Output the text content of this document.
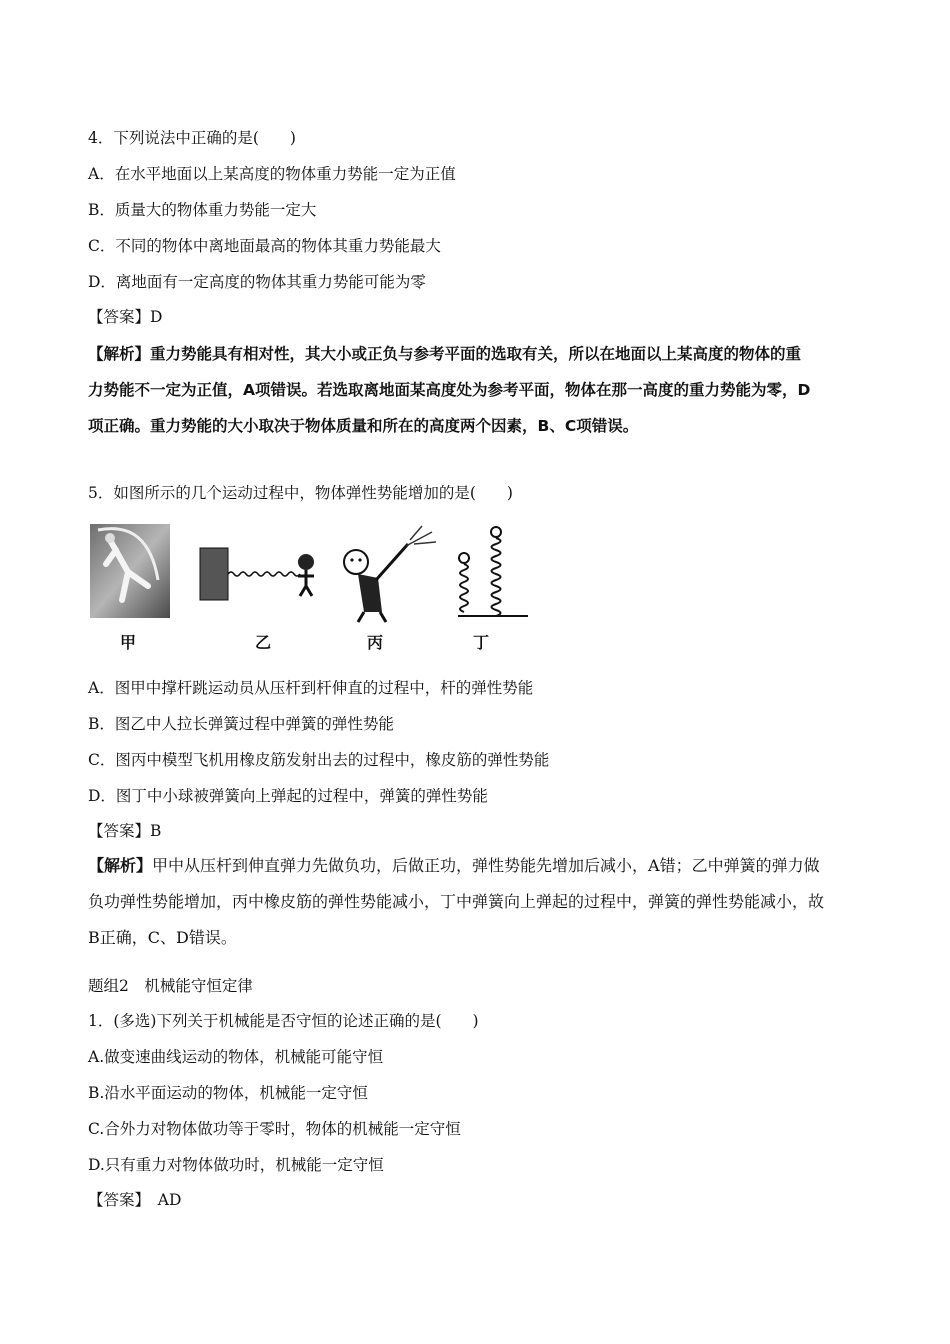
4．下列说法中正确的是(　　)
A．在水平地面以上某高度的物体重力势能一定为正值
B．质量大的物体重力势能一定大
C．不同的物体中离地面最高的物体其重力势能最大
D．离地面有一定高度的物体其重力势能可能为零
【答案】D
【解析】重力势能具有相对性，其大小或正负与参考平面的选取有关，所以在地面以上某高度的物体的重
力势能不一定为正值，A项错误。若选取离地面某高度处为参考平面，物体在那一高度的重力势能为零，D
项正确。重力势能的大小取决于物体质量和所在的高度两个因素，B、C项错误。
5．如图所示的几个运动过程中，物体弹性势能增加的是(　　)
甲	乙	丙	丁
A．图甲中撑杆跳运动员从压杆到杆伸直的过程中，杆的弹性势能
B．图乙中人拉长弹簧过程中弹簧的弹性势能
C．图丙中模型飞机用橡皮筋发射出去的过程中，橡皮筋的弹性势能
D．图丁中小球被弹簧向上弹起的过程中，弹簧的弹性势能
【答案】B
【解析】甲中从压杆到伸直弹力先做负功，后做正功，弹性势能先增加后减小，A错；乙中弹簧的弹力做
负功弹性势能增加，丙中橡皮筋的弹性势能减小，丁中弹簧向上弹起的过程中，弹簧的弹性势能减小，故
B正确，C、D错误。
题组2　机械能守恒定律
1．(多选)下列关于机械能是否守恒的论述正确的是(　　)
A.做变速曲线运动的物体，机械能可能守恒
B.沿水平面运动的物体，机械能一定守恒
C.合外力对物体做功等于零时，物体的机械能一定守恒
D.只有重力对物体做功时，机械能一定守恒
【答案】　AD
